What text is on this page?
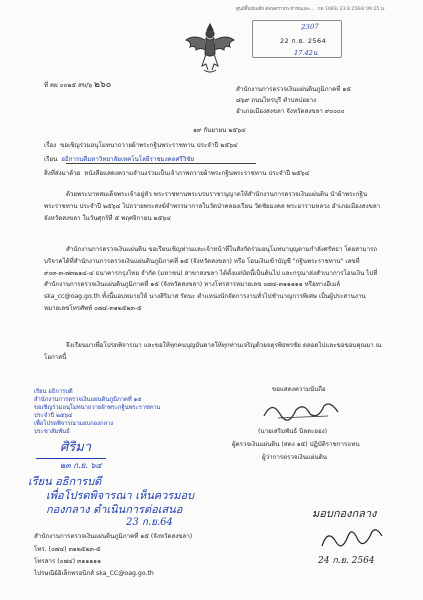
ศูนย์สิ้นพ้นเสีย ต่อนคราประชาชนและ... กท 1083/ 23.8.2564/ 09:25 น.
2307
22 ก.ย. 2564
17.42น
ที่ คผ ๐๐๒๕ สข/๖ ๒๖๐	สำนักงานการตรวจเงินแผ่นดินภูมิภาคที่ ๑๕
๘๖๙ ถนนไทรบุรี ตำบลบ่อยาง
อำเภอเมืองสงขลา จังหวัดสงขลา ๙๐๐๐๐
๑๙ กันยายน ๒๕๖๔
เรื่อง ขอเชิญร่วมอนุโมทนาถวายผ้าพระกฐินพระราชทาน ประจำปี ๒๕๖๔
เรียน อธิการบดีมหาวิทยาลัยเทคโนโลยีราชมงคลศรีวิชัย
สิ่งที่ส่งมาด้วย หนังสือแสดงความจำนงร่วมเป็นเจ้าภาพถวายผ้าพระกฐินพระราชทาน ประจำปี ๒๕๖๔
ด้วยพระบาทสมเด็จพระเจ้าอยู่หัว พระราชทานพระบรมราชานุญาตให้สำนักงานการตรวจเงินแผ่นดิน นำผ้าพระกฐินพระราชทาน ประจำปี ๒๕๖๔ ไปถวายพระสงฆ์จำพรรษากาลในวัดป่าคลองเรียน วัดชัยมงคล พระอารามหลวง อำเภอเมืองสงขลา จังหวัดสงขลา ในวันศุกร์ที่ ๕ พฤศจิกายน ๒๕๖๔
สำนักงานการตรวจเงินแผ่นดิน ขอเรียนเชิญท่านและเจ้าหน้าที่ในสังกัดร่วมอนุโมทนาบุญตามกำลังศรัทธา โดยสามารถบริจาคได้ที่สำนักงานการตรวจเงินแผ่นดินภูมิภาคที่ ๑๕ (จังหวัดสงขลา) หรือ โอนเงินเข้าบัญชี "กฐินพระราชทาน" เลขที่ ๙๐๓-๓-๗๓๒๑๔-๔ ธนาคารกรุงไทย จำกัด (มหาชน) สาขาสงขลา ได้ตั้งแต่บัดนี้เป็นต้นไป และกรุณาส่งสำเนาการโอนเงิน ไปที่สำนักงานการตรวจเงินแผ่นดินภูมิภาคที่ ๑๕ (จังหวัดสงขลา) ทางโทรสารหมายเลข ๐๗๔-๓๑๑๑๑๑ หรือทางอีเมล์ ska_cc@oag.go.th ทั้งนี้มอบหมายให้ นางสิริมาส รัตนะ ตำแหน่งนักจัดการงานทั่วไปชำนาญการพิเศษ เป็นผู้ประสานงาน หมายเลขโทรศัพท์ ๐๗๔-๓๑๒๕๒๓-๕
จึงเรียนมาเพื่อโปรดพิจารณา และขอให้ทุกคนบุญบันดาลให้ทุกท่านเจริญด้วยจตุรพิธพรชัย ตลอดไปและขอขอบคุณมา ณ โอกาสนี้
เรียน อธิการบดี
สำนักงานการตรวจเงินแผ่นดินภูมิภาคที่ ๑๕
ขอเชิญร่วมอนุโมทนาถวายผ้าพระกฐินพระราชทาน
ประจำปี ๒๕๖๔
เพื่อโปรดพิจารณามอบกองกลาง
ประชาสัมพันธ์
ศิริมา
๒๓ ก.ย. ๖๔
เรียน อธิการบดี
เพื่อโปรดพิจารณา เห็นควรมอบ
กองกลาง ดำเนินการต่อเสนอ
23 ก.ย.64
ขอแสดงความนับถือ
(นายเสริมพันธ์ นิลละออง)
ผู้ตรวจเงินแผ่นดิน (สตง ๑๕) ปฏิบัติราชการแทน
ผู้ว่าการตรวจเงินแผ่นดิน
สำนักงานการตรวจเงินแผ่นดินภูมิภาคที่ ๑๕ (จังหวัดสงขลา)
โทร. (๐๗๔) ๓๑๒๕๒๓-๕
โทรสาร (๐๗๔) ๓๑๑๑๑๑
ไปรษณีย์อิเล็กทรอนิกส์ ska_CC@oag.go.th
มอบกองกลาง
24 ก.ย. 2564
